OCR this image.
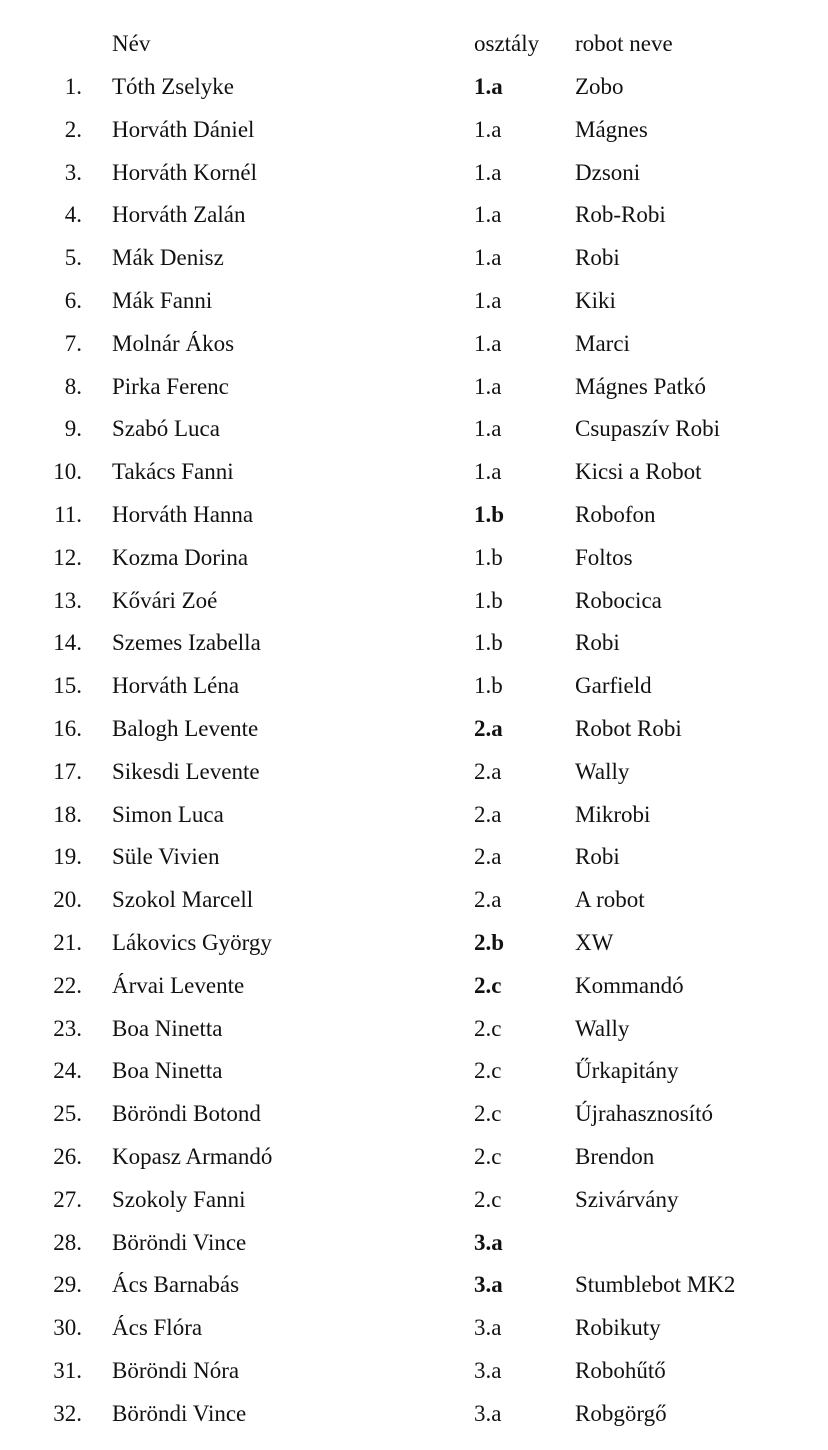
Név	osztály robot neve
1. Tóth Zselyke	1.a	Zobo
2. Horváth Dániel	1.a	Mágnes
3. Horváth Kornél	1.a	Dzsoni
4. Horváth Zalán	1.a	Rob-Robi
5. Mák Denisz	1.a	Robi
6. Mák Fanni	1.a	Kiki
7. Molnár Ákos	1.a	Marci
8. Pirka Ferenc	1.a	Mágnes Patkó
9. Szabó Luca	1.a	Csupaszív Robi
10. Takács Fanni	1.a	Kicsi a Robot
11. Horváth Hanna	1.b	Robofon
12. Kozma Dorina	1.b	Foltos
13. Kővári Zoé	1.b	Robocica
14. Szemes Izabella	1.b	Robi
15. Horváth Léna	1.b	Garfield
16. Balogh Levente	2.a	Robot Robi
17. Sikesdi Levente	2.a	Wally
18. Simon Luca	2.a	Mikrobi
19. Süle Vivien	2.a	Robi
20. Szokol Marcell	2.a	A robot
21. Lákovics György	2.b	XW
22. Árvai Levente	2.c	Kommandó
23. Boa Ninetta	2.c	Wally
24. Boa Ninetta	2.c	Űrkapitány
25. Böröndi Botond	2.c	Újrahasznosító
26. Kopasz Armandó	2.c	Brendon
27. Szokoly Fanni	2.c	Szivárvány
28. Böröndi Vince	3.a
29. Ács Barnabás	3.a	Stumblebot MK2
30. Ács Flóra	3.a	Robikuty
31. Böröndi Nóra	3.a	Robohűtő
32. Böröndi Vince	3.a	Robgörgő
